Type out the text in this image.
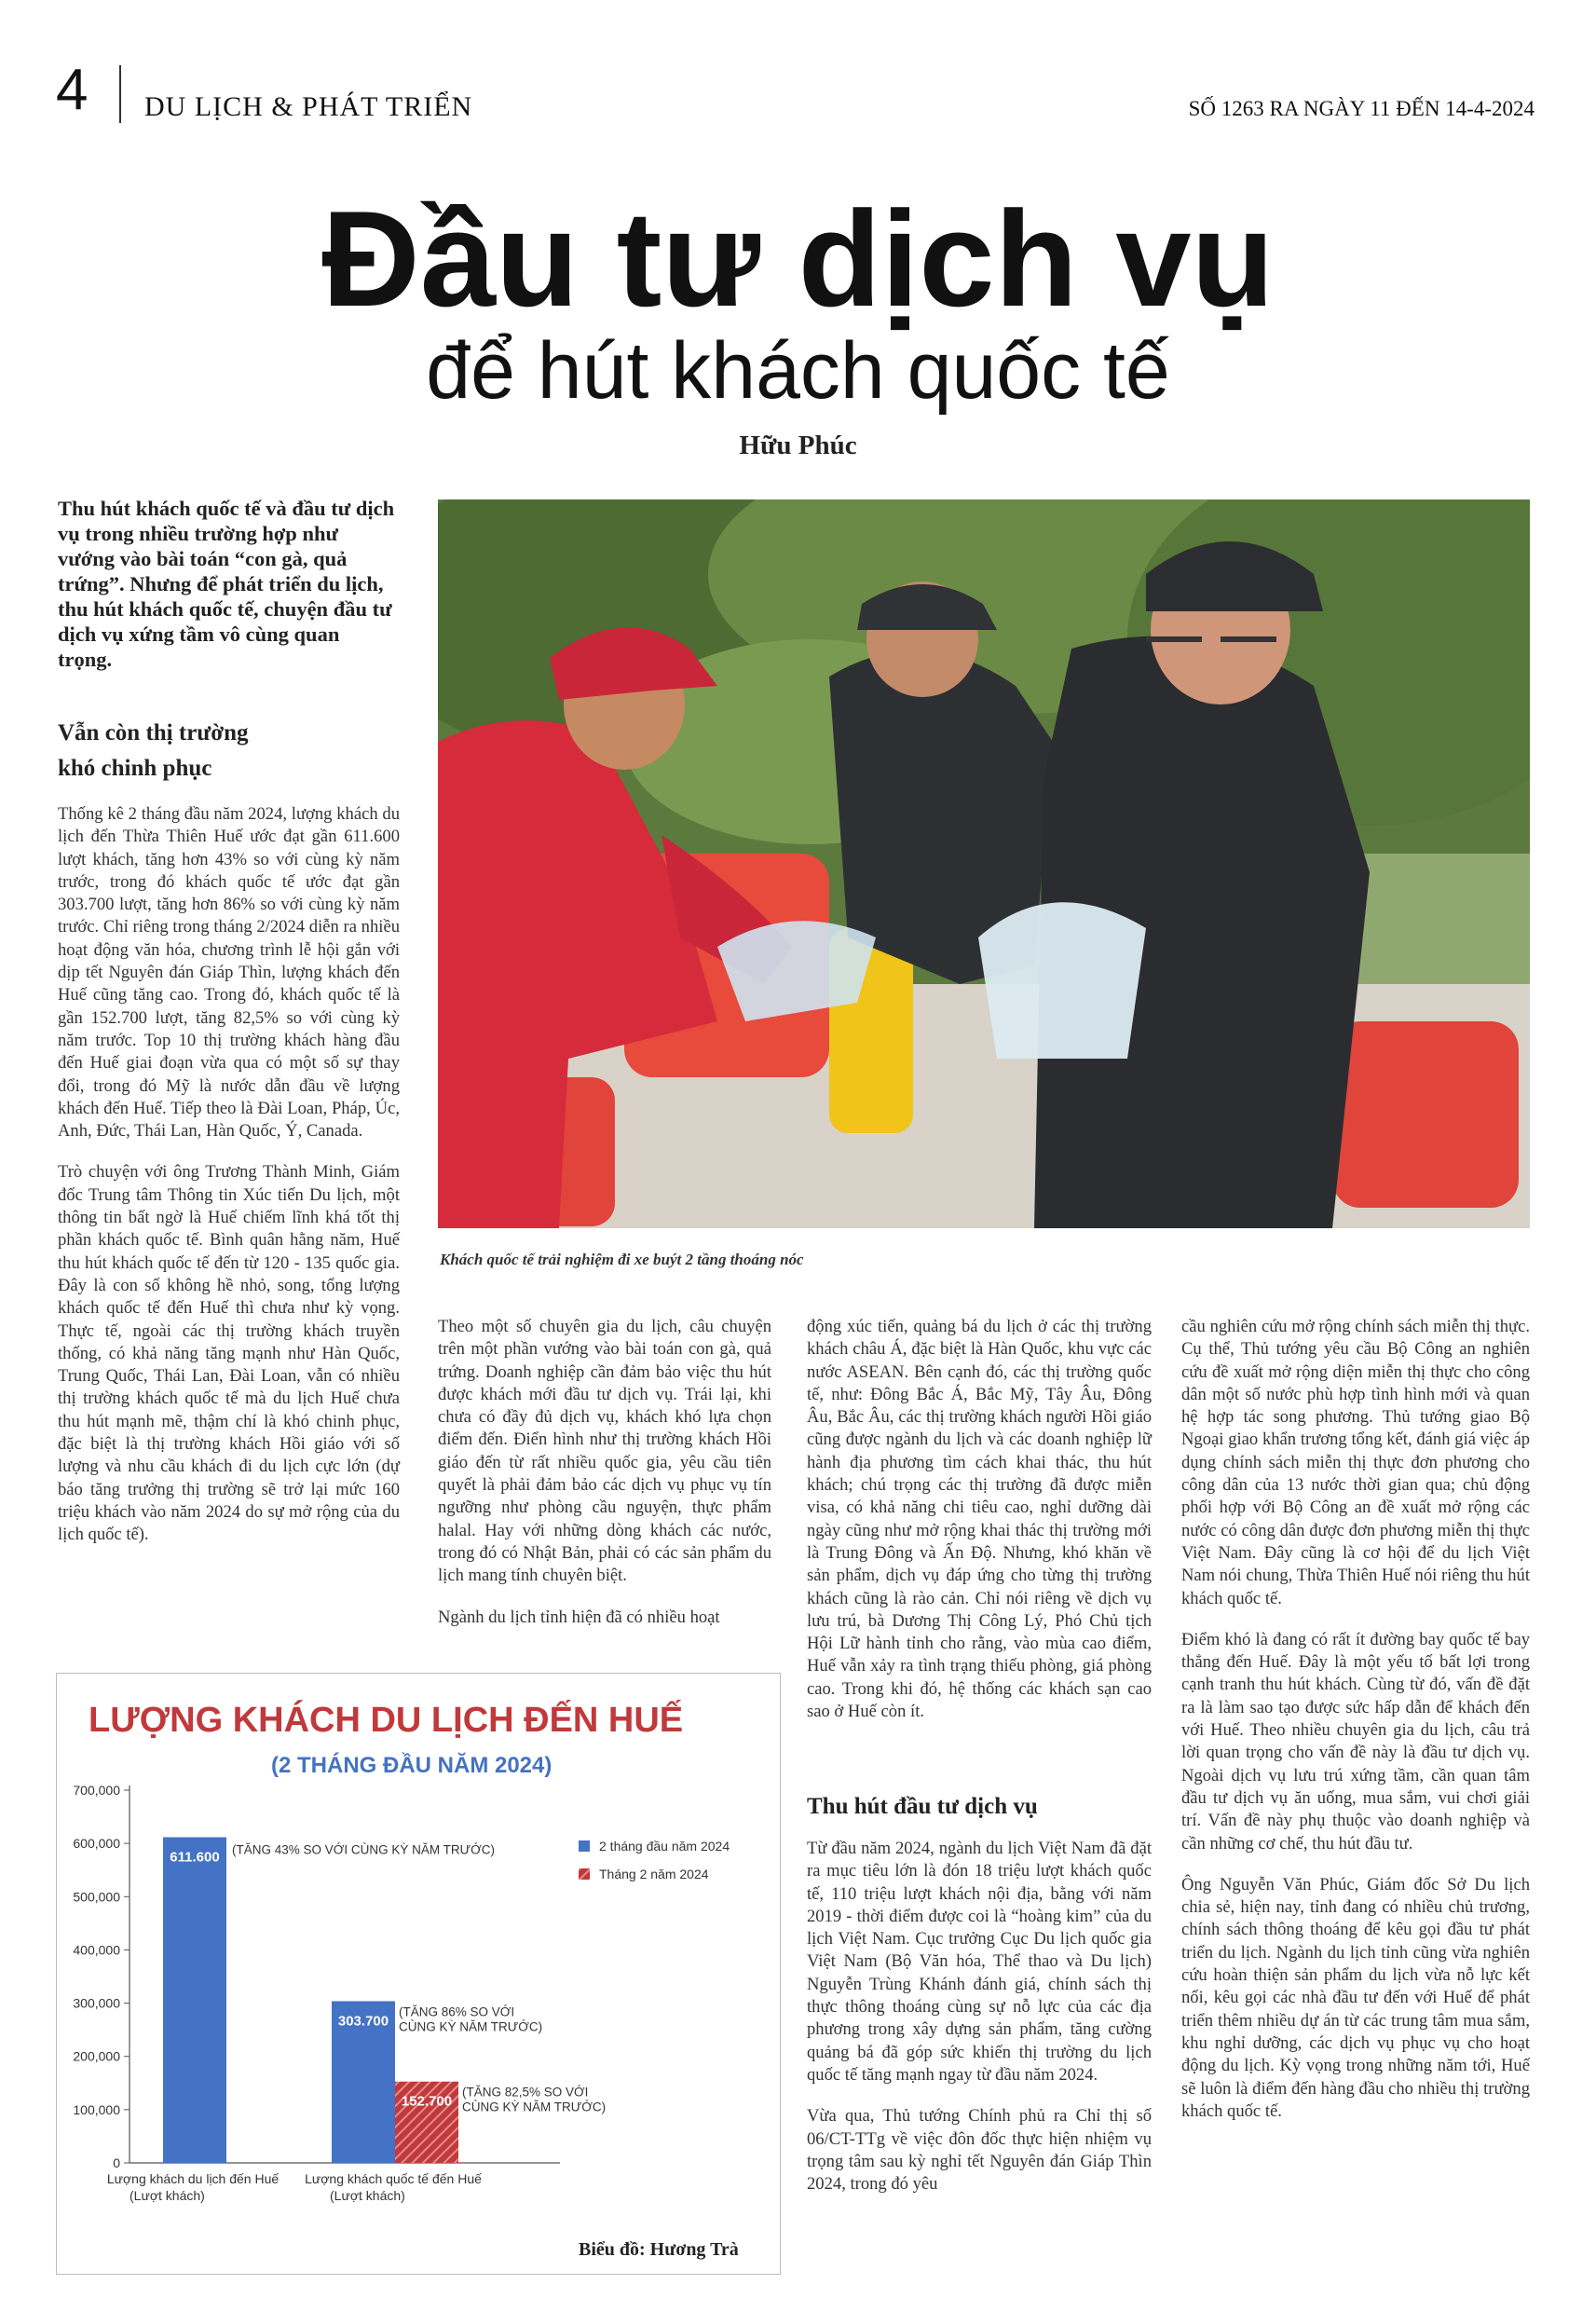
4 DU LỊCH & PHÁT TRIỂN	SỐ 1263 RA NGÀY 11 ĐẾN 14-4-2024
Đầu tư dịch vụ
để hút khách quốc tế
Hữu Phúc
Thu hút khách quốc tế và đầu tư dịch vụ trong nhiều trường hợp như vướng vào bài toán “con gà, quả trứng”. Nhưng để phát triển du lịch, thu hút khách quốc tế, chuyện đầu tư dịch vụ xứng tầm vô cùng quan trọng.
Vẫn còn thị trường
khó chinh phục

Thống kê 2 tháng đầu năm 2024, lượng khách du lịch đến Thừa Thiên Huế ước đạt gần 611.600 lượt khách, tăng hơn 43% so với cùng kỳ năm trước, trong đó khách quốc tế ước đạt gần 303.700 lượt, tăng hơn 86% so với cùng kỳ năm trước. Chỉ riêng trong tháng 2/2024 diễn ra nhiều hoạt động văn hóa, chương trình lễ hội gắn với dịp tết Nguyên đán Giáp Thìn, lượng khách đến Huế cũng tăng cao. Trong đó, khách quốc tế là gần 152.700 lượt, tăng 82,5% so với cùng kỳ năm trước. Top 10 thị trường khách hàng đầu đến Huế giai đoạn vừa qua có một số sự thay đổi, trong đó Mỹ là nước dẫn đầu về lượng khách đến Huế. Tiếp theo là Đài Loan, Pháp, Úc, Anh, Đức, Thái Lan, Hàn Quốc, Ý, Canada.

Trò chuyện với ông Trương Thành Minh, Giám đốc Trung tâm Thông tin Xúc tiến Du lịch, một thông tin bất ngờ là Huế chiếm lĩnh khá tốt thị phần khách quốc tế. Bình quân hằng năm, Huế thu hút khách quốc tế đến từ 120 - 135 quốc gia. Đây là con số không hề nhỏ, song, tổng lượng khách quốc tế đến Huế thì chưa như kỳ vọng. Thực tế, ngoài các thị trường khách truyền thống, có khả năng tăng mạnh như Hàn Quốc, Trung Quốc, Thái Lan, Đài Loan, vẫn có nhiều thị trường khách quốc tế mà du lịch Huế chưa thu hút mạnh mẽ, thậm chí là khó chinh phục, đặc biệt là thị trường khách Hồi giáo với số lượng và nhu cầu khách đi du lịch cực lớn (dự báo tăng trưởng thị trường sẽ trở lại mức 160 triệu khách vào năm 2024 do sự mở rộng của du lịch quốc tế).

Khách quốc tế trải nghiệm đi xe buýt 2 tầng thoáng nóc

Theo một số chuyên gia du lịch, câu chuyện trên một phần vướng vào bài toán con gà, quả trứng. Doanh nghiệp cần đảm bảo việc thu hút được khách mới đầu tư dịch vụ. Trái lại, khi chưa có đầy đủ dịch vụ, khách khó lựa chọn điểm đến. Điển hình như thị trường khách Hồi giáo đến từ rất nhiều quốc gia, yêu cầu tiên quyết là phải đảm bảo các dịch vụ phục vụ tín ngưỡng như phòng cầu nguyện, thực phẩm halal. Hay với những dòng khách các nước, trong đó có Nhật Bản, phải có các sản phẩm du lịch mang tính chuyên biệt.

Ngành du lịch tỉnh hiện đã có nhiều hoạt

động xúc tiến, quảng bá du lịch ở các thị trường khách châu Á, đặc biệt là Hàn Quốc, khu vực các nước ASEAN. Bên cạnh đó, các thị trường quốc tế, như: Đông Bắc Á, Bắc Mỹ, Tây Âu, Đông Âu, Bắc Âu, các thị trường khách người Hồi giáo cũng được ngành du lịch và các doanh nghiệp lữ hành địa phương tìm cách khai thác, thu hút khách; chú trọng các thị trường đã được miễn visa, có khả năng chi tiêu cao, nghỉ dưỡng dài ngày cũng như mở rộng khai thác thị trường mới là Trung Đông và Ấn Độ. Nhưng, khó khăn về sản phẩm, dịch vụ đáp ứng cho từng thị trường khách cũng là rào cản. Chỉ nói riêng về dịch vụ lưu trú, bà Dương Thị Công Lý, Phó Chủ tịch Hội Lữ hành tỉnh cho rằng, vào mùa cao điểm, Huế vẫn xảy ra tình trạng thiếu phòng, giá phòng cao. Trong khi đó, hệ thống các khách sạn cao sao ở Huế còn ít.

Thu hút đầu tư dịch vụ

Từ đầu năm 2024, ngành du lịch Việt Nam đã đặt ra mục tiêu lớn là đón 18 triệu lượt khách quốc tế, 110 triệu lượt khách nội địa, bằng với năm 2019 - thời điểm được coi là “hoàng kim” của du lịch Việt Nam. Cục trưởng Cục Du lịch quốc gia Việt Nam (Bộ Văn hóa, Thể thao và Du lịch) Nguyễn Trùng Khánh đánh giá, chính sách thị thực thông thoáng cùng sự nỗ lực của các địa phương trong xây dựng sản phẩm, tăng cường quảng bá đã góp sức khiến thị trường du lịch quốc tế tăng mạnh ngay từ đầu năm 2024.

Vừa qua, Thủ tướng Chính phủ ra Chỉ thị số 06/CT-TTg về việc đôn đốc thực hiện nhiệm vụ trọng tâm sau kỳ nghỉ tết Nguyên đán Giáp Thìn 2024, trong đó yêu

cầu nghiên cứu mở rộng chính sách miễn thị thực. Cụ thể, Thủ tướng yêu cầu Bộ Công an nghiên cứu đề xuất mở rộng diện miễn thị thực cho công dân một số nước phù hợp tình hình mới và quan hệ hợp tác song phương. Thủ tướng giao Bộ Ngoại giao khẩn trương tổng kết, đánh giá việc áp dụng chính sách miễn thị thực đơn phương cho công dân của 13 nước thời gian qua; chủ động phối hợp với Bộ Công an đề xuất mở rộng các nước có công dân được đơn phương miễn thị thực Việt Nam. Đây cũng là cơ hội để du lịch Việt Nam nói chung, Thừa Thiên Huế nói riêng thu hút khách quốc tế.

Điểm khó là đang có rất ít đường bay quốc tế bay thẳng đến Huế. Đây là một yếu tố bất lợi trong cạnh tranh thu hút khách. Cùng từ đó, vấn đề đặt ra là làm sao tạo được sức hấp dẫn để khách đến với Huế. Theo nhiều chuyên gia du lịch, câu trả lời quan trọng cho vấn đề này là đầu tư dịch vụ. Ngoài dịch vụ lưu trú xứng tầm, cần quan tâm đầu tư dịch vụ ăn uống, mua sắm, vui chơi giải trí. Vấn đề này phụ thuộc vào doanh nghiệp và cần những cơ chế, thu hút đầu tư.

Ông Nguyễn Văn Phúc, Giám đốc Sở Du lịch chia sẻ, hiện nay, tỉnh đang có nhiều chủ trương, chính sách thông thoáng để kêu gọi đầu tư phát triển du lịch. Ngành du lịch tỉnh cũng vừa nghiên cứu hoàn thiện sản phẩm du lịch vừa nỗ lực kết nối, kêu gọi các nhà đầu tư đến với Huế để phát triển thêm nhiều dự án từ các trung tâm mua sắm, khu nghỉ dưỡng, các dịch vụ phục vụ cho hoạt động du lịch. Kỳ vọng trong những năm tới, Huế sẽ luôn là điểm đến hàng đầu cho nhiều thị trường khách quốc tế.

LƯỢNG KHÁCH DU LỊCH ĐẾN HUẾ
(2 THÁNG ĐẦU NĂM 2024)
0
100,000
200,000
300,000
400,000
500,000
600,000
700,000
611.600
303.700
152.700
(TĂNG 43% SO VỚI CÙNG KỲ NĂM TRƯỚC)
(TĂNG 86% SO VỚI
CÙNG KỲ NĂM TRƯỚC)
(TĂNG 82,5% SO VỚI
CÙNG KỲ NĂM TRƯỚC)
Lượng khách du lịch đến Huế
(Lượt khách)
Lượng khách quốc tế đến Huế
(Lượt khách)
2 tháng đầu năm 2024
Tháng 2 năm 2024
Biểu đồ: Hương Trà
